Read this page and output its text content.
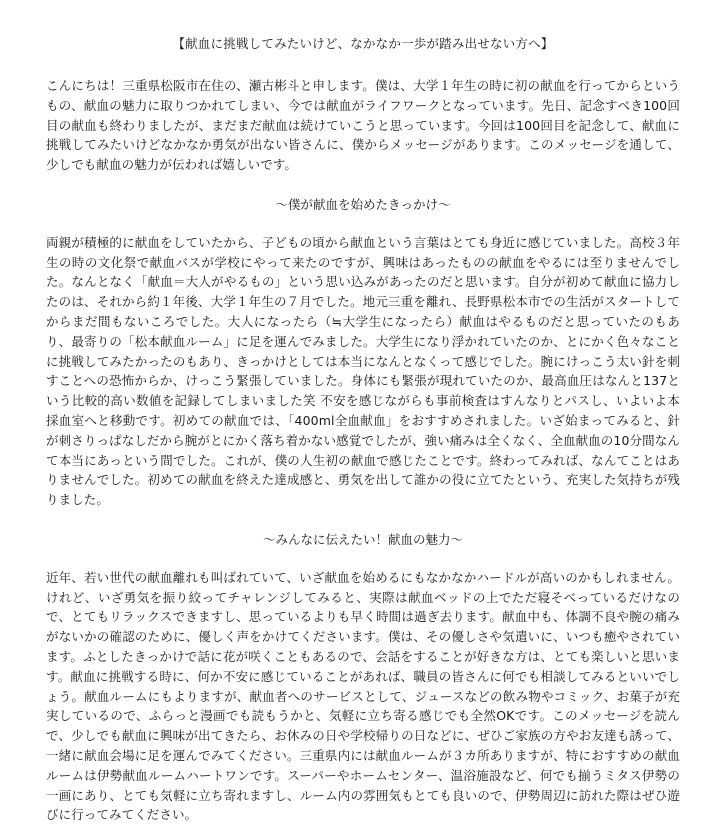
【献血に挑戦してみたいけど、なかなか一歩が踏み出せない方へ】

こんにちは！三重県松阪市在住の、瀬古彬斗と申します。僕は、大学１年生の時に初の献血を行ってからというもの、献血の魅力に取りつかれてしまい、今では献血がライフワークとなっています。先日、記念すべき100回目の献血も終わりましたが、まだまだ献血は続けていこうと思っています。今回は100回目を記念して、献血に挑戦してみたいけどなかなか勇気が出ない皆さんに、僕からメッセージがあります。このメッセージを通して、少しでも献血の魅力が伝われば嬉しいです。

～僕が献血を始めたきっかけ～

両親が積極的に献血をしていたから、子どもの頃から献血という言葉はとても身近に感じていました。高校３年生の時の文化祭で献血バスが学校にやって来たのですが、興味はあったものの献血をやるには至りませんでした。なんとなく「献血＝大人がやるもの」という思い込みがあったのだと思います。自分が初めて献血に協力したのは、それから約１年後、大学１年生の７月でした。地元三重を離れ、長野県松本市での生活がスタートしてからまだ間もないころでした。大人になったら（≒大学生になったら）献血はやるものだと思っていたのもあり、最寄りの「松本献血ルーム」に足を運んでみました。大学生になり浮かれていたのか、とにかく色々なことに挑戦してみたかったのもあり、きっかけとしては本当になんとなくって感じでした。腕にけっこう太い針を刺すことへの恐怖からか、けっこう緊張していました。身体にも緊張が現れていたのか、最高血圧はなんと137という比較的高い数値を記録してしまいました笑 不安を感じながらも事前検査はすんなりとパスし、いよいよ本採血室へと移動です。初めての献血では、「400ml全血献血」をおすすめされました。いざ始まってみると、針が刺さりっぱなしだから腕がとにかく落ち着かない感覚でしたが、強い痛みは全くなく、全血献血の10分間なんて本当にあっという間でした。これが、僕の人生初の献血で感じたことです。終わってみれば、なんてことはありませんでした。初めての献血を終えた達成感と、勇気を出して誰かの役に立てたという、充実した気持ちが残りました。

～みんなに伝えたい！献血の魅力～

近年、若い世代の献血離れも叫ばれていて、いざ献血を始めるにもなかなかハードルが高いのかもしれません。けれど、いざ勇気を振り絞ってチャレンジしてみると、実際は献血ベッドの上でただ寝そべっているだけなので、とてもリラックスできますし、思っているよりも早く時間は過ぎ去ります。献血中も、体調不良や腕の痛みがないかの確認のために、優しく声をかけてくださいます。僕は、その優しさや気遣いに、いつも癒やされています。ふとしたきっかけで話に花が咲くこともあるので、会話をすることが好きな方は、とても楽しいと思います。献血に挑戦する時に、何か不安に感じていることがあれば、職員の皆さんに何でも相談してみるといいでしょう。献血ルームにもよりますが、献血者へのサービスとして、ジュースなどの飲み物やコミック、お菓子が充実しているので、ふらっと漫画でも読もうかと、気軽に立ち寄る感じでも全然OKです。このメッセージを読んで、少しでも献血に興味が出てきたら、お休みの日や学校帰りの日などに、ぜひご家族の方やお友達も誘って、一緒に献血会場に足を運んでみてください。三重県内には献血ルームが３カ所ありますが、特におすすめの献血ルームは伊勢献血ルームハートワンです。スーパーやホームセンター、温浴施設など、何でも揃うミタス伊勢の一画にあり、とても気軽に立ち寄れますし、ルーム内の雰囲気もとても良いので、伊勢周辺に訪れた際はぜひ遊びに行ってみてください。
